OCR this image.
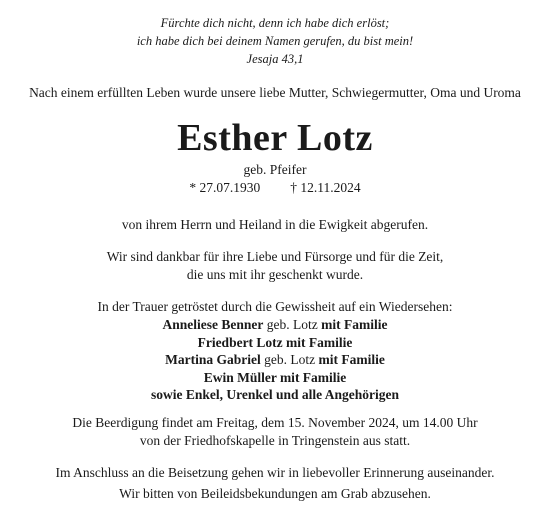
Fürchte dich nicht, denn ich habe dich erlöst;
ich habe dich bei deinem Namen gerufen, du bist mein!
Jesaja 43,1
Nach einem erfüllten Leben wurde unsere liebe Mutter, Schwiegermutter, Oma und Uroma
Esther Lotz
geb. Pfeifer
* 27.07.1930 † 12.11.2024
von ihrem Herrn und Heiland in die Ewigkeit abgerufen.
Wir sind dankbar für ihre Liebe und Fürsorge und für die Zeit,
die uns mit ihr geschenkt wurde.
In der Trauer getröstet durch die Gewissheit auf ein Wiedersehen:
Anneliese Benner geb. Lotz mit Familie
Friedbert Lotz mit Familie
Martina Gabriel geb. Lotz mit Familie
Ewin Müller mit Familie
sowie Enkel, Urenkel und alle Angehörigen
Die Beerdigung findet am Freitag, dem 15. November 2024, um 14.00 Uhr
von der Friedhofskapelle in Tringenstein aus statt.
Im Anschluss an die Beisetzung gehen wir in liebevoller Erinnerung auseinander.
Wir bitten von Beileidsbekundungen am Grab abzusehen.
